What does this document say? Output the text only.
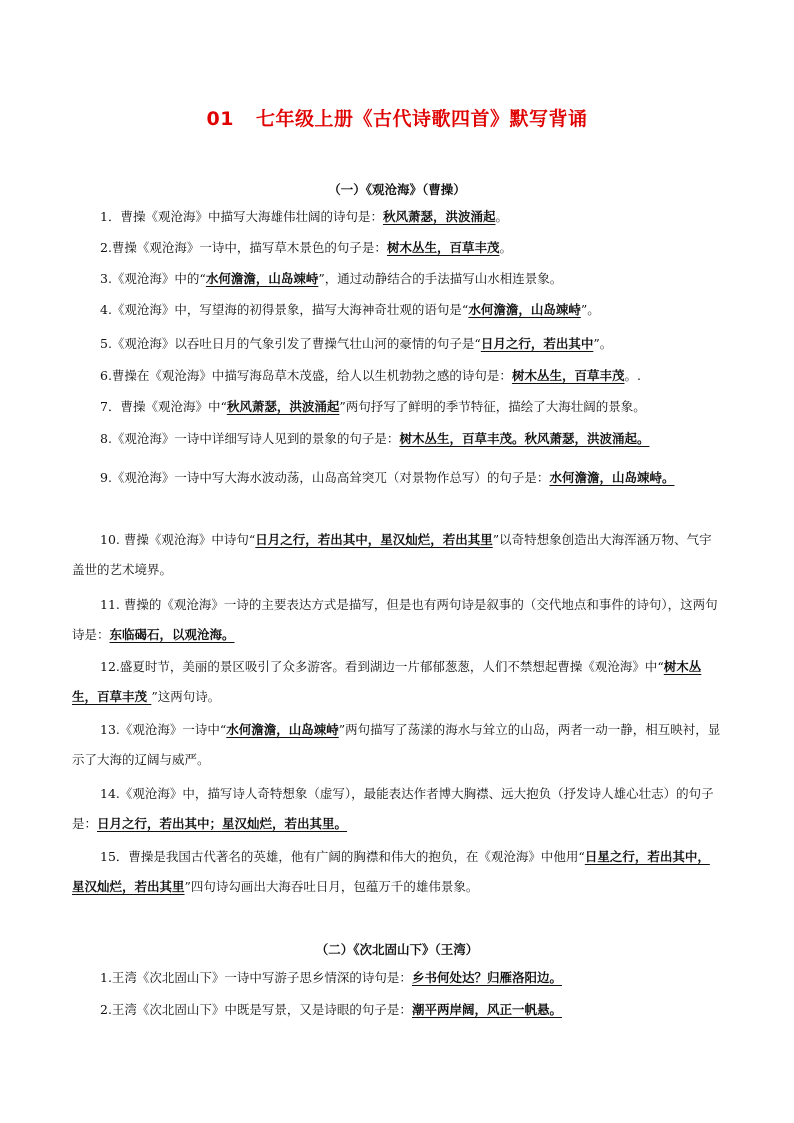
01 七年级上册《古代诗歌四首》默写背诵
（一）《观沧海》（曹操）
1．曹操《观沧海》中描写大海雄伟壮阔的诗句是：秋风萧瑟，洪波涌起。
2.曹操《观沧海》一诗中，描写草木景色的句子是：树木丛生，百草丰茂。
3.《观沧海》中的“水何澹澹，山岛竦峙”，通过动静结合的手法描写山水相连景象。
4.《观沧海》中，写望海的初得景象，描写大海神奇壮观的语句是“水何澹澹，山岛竦峙”。
5.《观沧海》以吞吐日月的气象引发了曹操气壮山河的豪情的句子是“日月之行，若出其中”。
6.曹操在《观沧海》中描写海岛草木茂盛，给人以生机勃勃之感的诗句是：树木丛生，百草丰茂。.
7．曹操《观沧海》中“秋风萧瑟，洪波涌起”两句抒写了鲜明的季节特征，描绘了大海壮阔的景象。
8.《观沧海》一诗中详细写诗人见到的景象的句子是：树木丛生，百草丰茂。秋风萧瑟，洪波涌起。
9.《观沧海》一诗中写大海水波动荡，山岛高耸突兀（对景物作总写）的句子是：水何澹澹，山岛竦峙。
10. 曹操《观沧海》中诗句“日月之行，若出其中，星汉灿烂，若出其里”以奇特想象创造出大海浑涵万物、气宇盖世的艺术境界。
11. 曹操的《观沧海》一诗的主要表达方式是描写，但是也有两句诗是叙事的（交代地点和事件的诗句），这两句诗是：东临碣石，以观沧海。
12.盛夏时节，美丽的景区吸引了众多游客。看到湖边一片郁郁葱葱，人们不禁想起曹操《观沧海》中“树木丛生，百草丰茂 ”这两句诗。
13.《观沧海》一诗中“水何澹澹，山岛竦峙”两句描写了荡漾的海水与耸立的山岛，两者一动一静，相互映衬，显示了大海的辽阔与威严。
14.《观沧海》中，描写诗人奇特想象（虚写），最能表达作者博大胸襟、远大抱负（抒发诗人雄心壮志）的句子是：日月之行，若出其中；星汉灿烂，若出其里。
15．曹操是我国古代著名的英雄，他有广阔的胸襟和伟大的抱负，在《观沧海》中他用“日星之行，若出其中，星汉灿烂，若出其里”四句诗勾画出大海吞吐日月，包蕴万千的雄伟景象。
（二）《次北固山下》（王湾）
1.王湾《次北固山下》一诗中写游子思乡情深的诗句是：乡书何处达？归雁洛阳边。
2.王湾《次北固山下》中既是写景，又是诗眼的句子是：潮平两岸阔，风正一帆悬。
